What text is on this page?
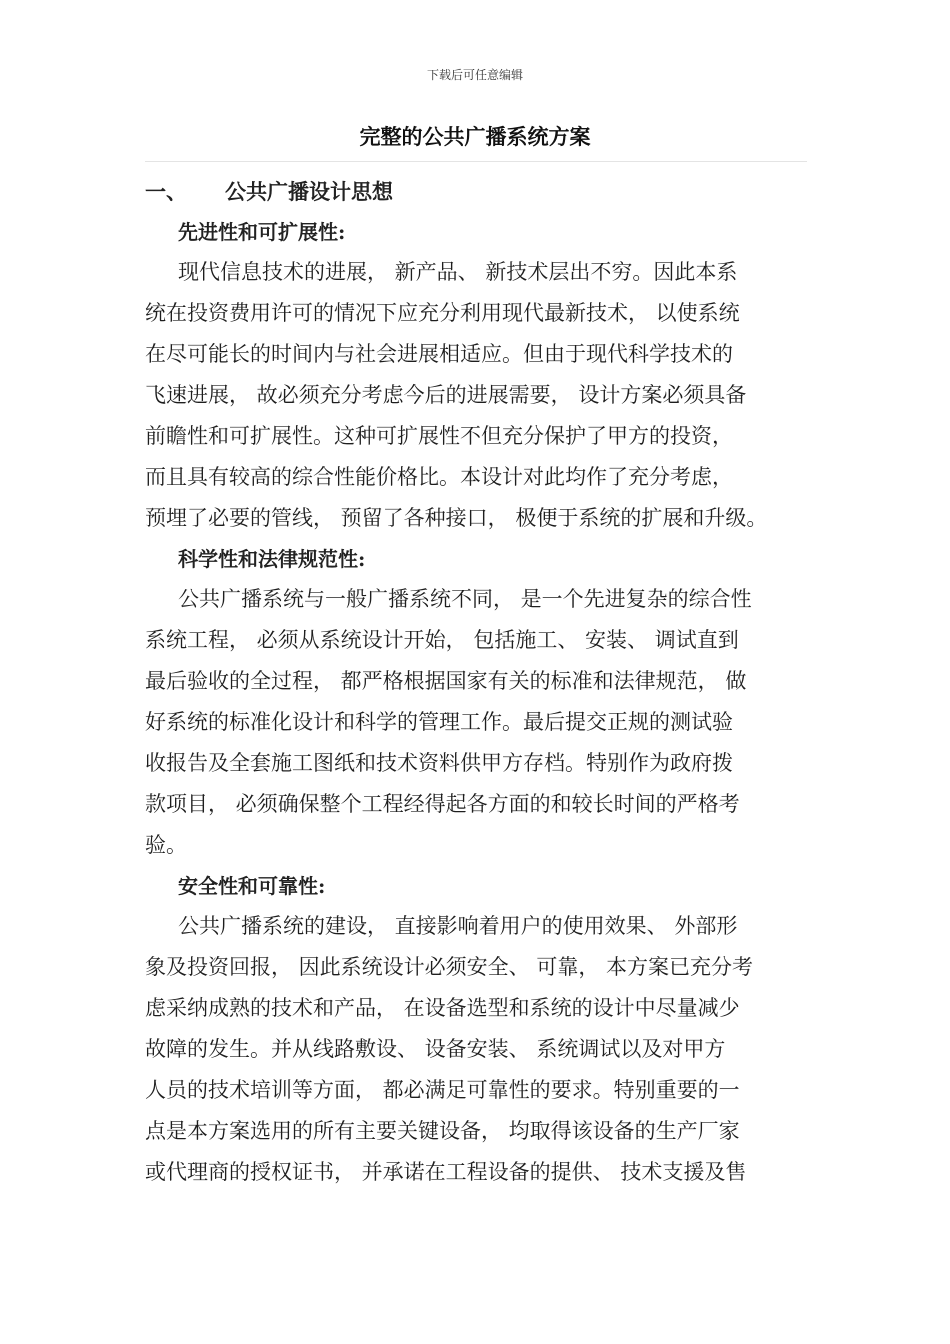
下载后可任意编辑
完整的公共广播系统方案
一、 公共广播设计思想
先进性和可扩展性:
现代信息技术的进展， 新产品、 新技术层出不穷。因此本系
统在投资费用许可的情况下应充分利用现代最新技术， 以使系统
在尽可能长的时间内与社会进展相适应。但由于现代科学技术的
飞速进展， 故必须充分考虑今后的进展需要， 设计方案必须具备
前瞻性和可扩展性。这种可扩展性不但充分保护了甲方的投资，
而且具有较高的综合性能价格比。本设计对此均作了充分考虑，
预埋了必要的管线， 预留了各种接口， 极便于系统的扩展和升级。
科学性和法律规范性:
公共广播系统与一般广播系统不同， 是一个先进复杂的综合性
系统工程， 必须从系统设计开始， 包括施工、 安装、 调试直到
最后验收的全过程， 都严格根据国家有关的标准和法律规范， 做
好系统的标准化设计和科学的管理工作。最后提交正规的测试验
收报告及全套施工图纸和技术资料供甲方存档。特别作为政府拨
款项目， 必须确保整个工程经得起各方面的和较长时间的严格考
验。
安全性和可靠性:
公共广播系统的建设， 直接影响着用户的使用效果、 外部形
象及投资回报， 因此系统设计必须安全、 可靠， 本方案已充分考
虑采纳成熟的技术和产品， 在设备选型和系统的设计中尽量减少
故障的发生。并从线路敷设、 设备安装、 系统调试以及对甲方
人员的技术培训等方面， 都必满足可靠性的要求。特别重要的一
点是本方案选用的所有主要关键设备， 均取得该设备的生产厂家
或代理商的授权证书， 并承诺在工程设备的提供、 技术支援及售
